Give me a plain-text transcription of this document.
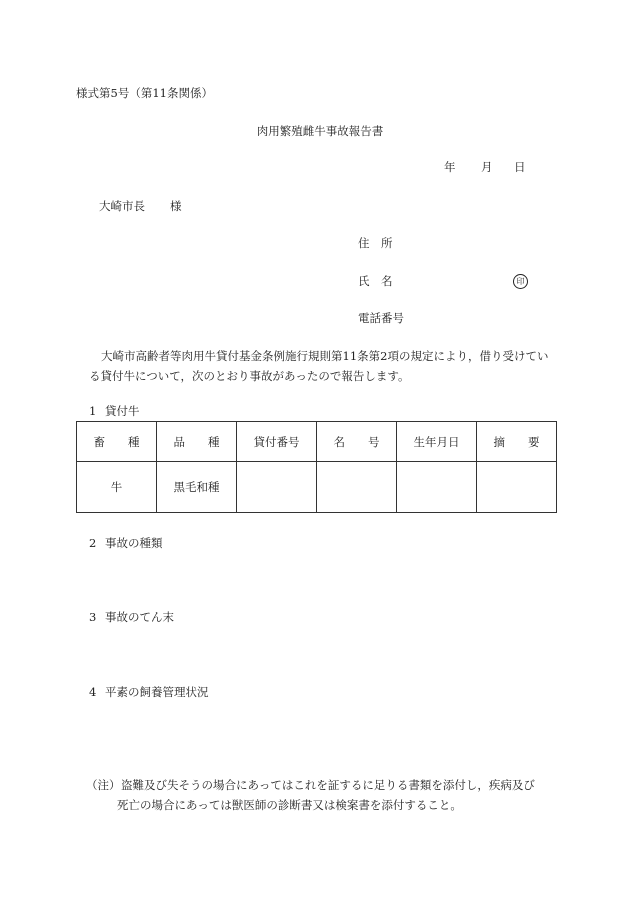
様式第5号（第11条関係）
肉用繁殖雌牛事故報告書
年 月 日
大崎市長 様
住　所
氏　名	印
電話番号
大崎市高齢者等肉用牛貸付基金条例施行規則第11条第2項の規定により，借り受けてい
る貸付牛について，次のとおり事故があったので報告します。
1 貸付牛
畜　　種	品　　種	貸付番号	名　　号	生年月日	摘　　要
牛	黒毛和種				
2 事故の種類
3 事故のてん末
4 平素の飼養管理状況
（注） 盗難及び失そうの場合にあってはこれを証するに足りる書類を添付し，疾病及び
死亡の場合にあっては獣医師の診断書又は検案書を添付すること。
